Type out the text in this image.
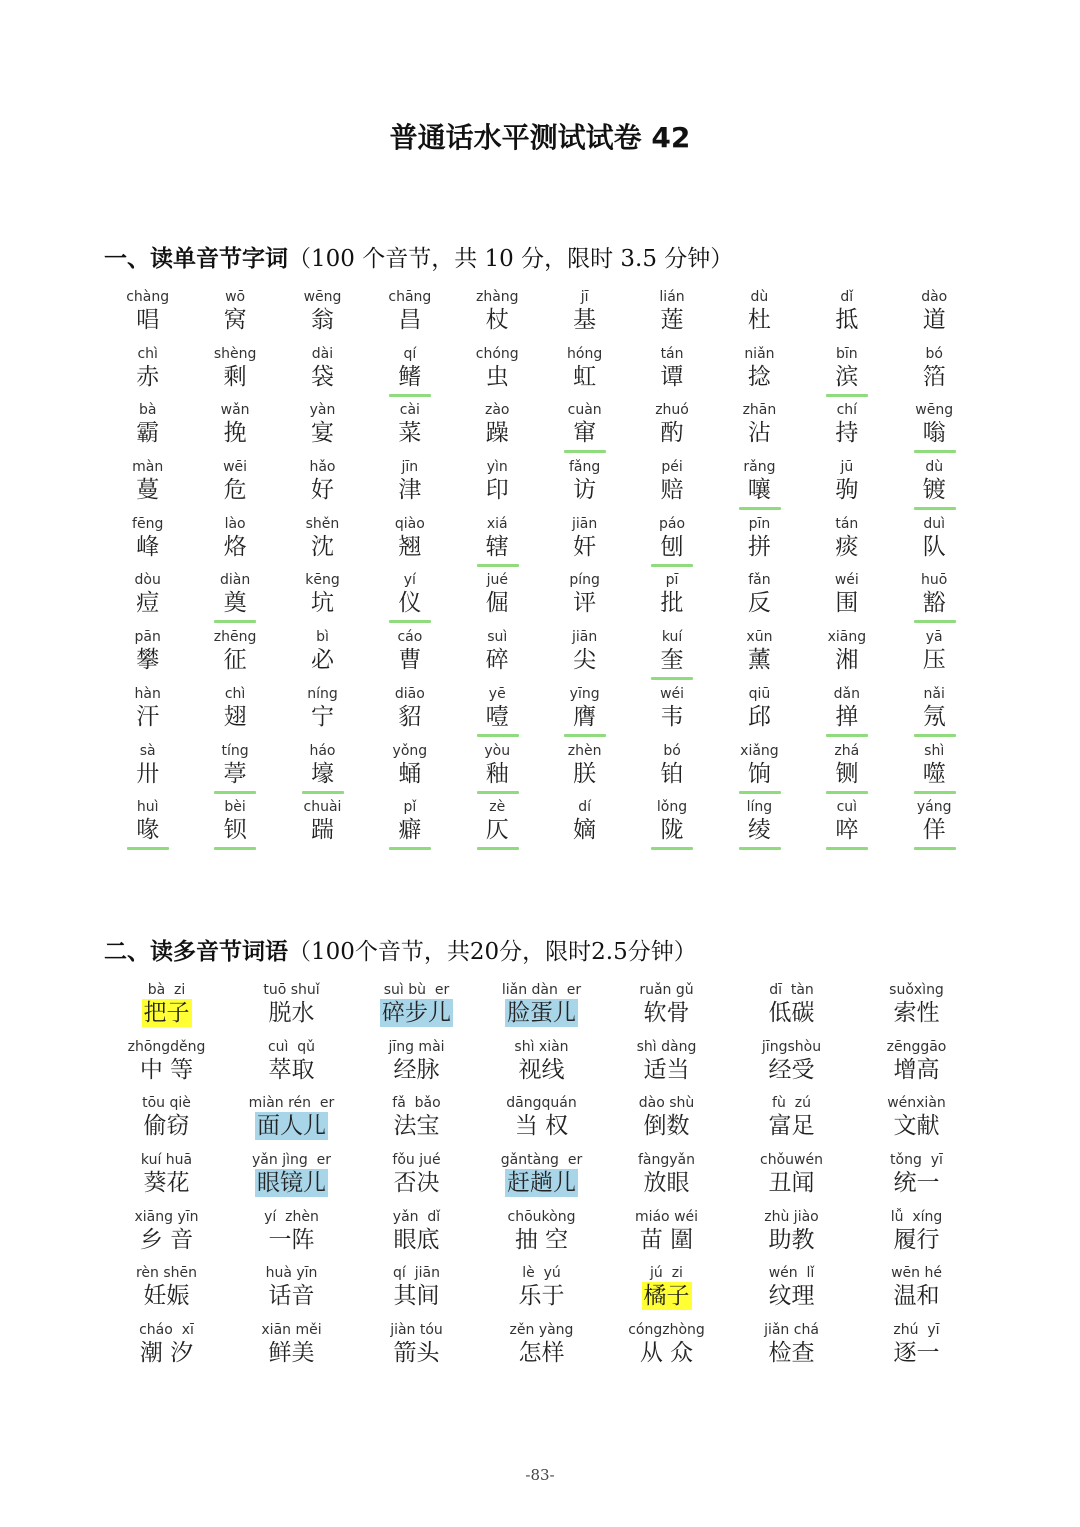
普通话水平测试试卷 42
一、读单音节字词（100 个音节，共 10 分，限时 3.5 分钟）
chàng
唱
wō
窝
wēng
翁
chāng
昌
zhàng
杖
jī
基
lián
莲
dù
杜
dǐ
抵
dào
道
chì
赤
shèng
剩
dài
袋
qí
鳍
chóng
虫
hóng
虹
tán
谭
niǎn
捻
bīn
滨
bó
箔
bà
霸
wǎn
挽
yàn
宴
cài
菜
zào
躁
cuàn
窜
zhuó
酌
zhān
沾
chí
持
wēng
嗡
màn
蔓
wēi
危
hǎo
好
jīn
津
yìn
印
fǎng
访
péi
赔
rǎng
嚷
jū
驹
dù
镀
fēng
峰
lào
烙
shěn
沈
qiào
翘
xiá
辖
jiān
奸
páo
刨
pīn
拼
tán
痰
duì
队
dòu
痘
diàn
奠
kēng
坑
yí
仪
jué
倔
píng
评
pī
批
fǎn
反
wéi
围
huō
豁
pān
攀
zhēng
征
bì
必
cáo
曹
suì
碎
jiān
尖
kuí
奎
xūn
薰
xiāng
湘
yā
压
hàn
汗
chì
翅
níng
宁
diāo
貂
yē
噎
yīng
膺
wéi
韦
qiū
邱
dǎn
掸
nǎi
氖
sà
卅
tíng
葶
háo
壕
yǒng
蛹
yòu
釉
zhèn
朕
bó
铂
xiǎng
饷
zhá
铡
shì
噬
huì
喙
bèi
钡
chuài
踹
pǐ
癖
zè
仄
dí
嫡
lǒng
陇
líng
绫
cuì
啐
yáng
佯
二、读多音节词语（100个音节，共20分，限时2.5分钟）
bà  zi
把子
tuō shuǐ
脱水
suì bù  er
碎步儿
liǎn dàn  er
脸蛋儿
ruǎn gǔ
软骨
dī  tàn
低碳
suǒxìng
索性
zhōngděng
中 等
cuì  qǔ
萃取
jīng mài
经脉
shì xiàn
视线
shì dàng
适当
jīngshòu
经受
zēnggāo
增高
tōu qiè
偷窃
miàn rén  er
面人儿
fǎ  bǎo
法宝
dāngquán
当 权
dào shù
倒数
fù  zú
富足
wénxiàn
文献
kuí huā
葵花
yǎn jìng  er
眼镜儿
fǒu jué
否决
gǎntàng  er
赶趟儿
fàngyǎn
放眼
chǒuwén
丑闻
tǒng  yī
统一
xiāng yīn
乡 音
yí  zhèn
一阵
yǎn  dǐ
眼底
chōukòng
抽 空
miáo wéi
苗 圍
zhù jiào
助教
lǚ  xíng
履行
rèn shēn
妊娠
huà yīn
话音
qí  jiān
其间
lè  yú
乐于
jú  zi
橘子
wén  lǐ
纹理
wēn hé
温和
cháo  xī
潮 汐
xiān měi
鲜美
jiàn tóu
箭头
zěn yàng
怎样
cóngzhòng
从 众
jiǎn chá
检查
zhú  yī
逐一
-83-
